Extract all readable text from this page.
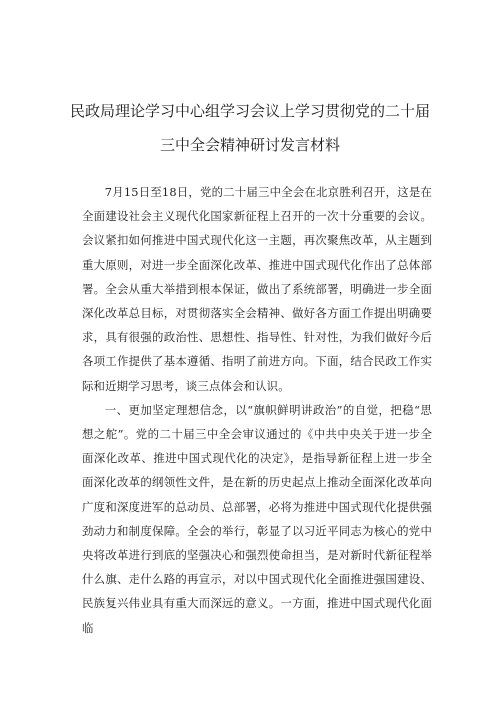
民政局理论学习中心组学习会议上学习贯彻党的二十届
三中全会精神研讨发言材料

7月15日至18日，党的二十届三中全会在北京胜利召开，这是在全面建设社会主义现代化国家新征程上召开的一次十分重要的会议。会议紧扣如何推进中国式现代化这一主题，再次聚焦改革，从主题到重大原则，对进一步全面深化改革、推进中国式现代化作出了总体部署。全会从重大举措到根本保证，做出了系统部署，明确进一步全面深化改革总目标，对贯彻落实全会精神、做好各方面工作提出明确要求，具有很强的政治性、思想性、指导性、针对性，为我们做好今后各项工作提供了基本遵循、指明了前进方向。下面，结合民政工作实际和近期学习思考，谈三点体会和认识。

一、更加坚定理想信念，以“旗帜鲜明讲政治”的自觉，把稳“思想之舵”。党的二十届三中全会审议通过的《中共中央关于进一步全面深化改革、推进中国式现代化的决定》，是指导新征程上进一步全面深化改革的纲领性文件，是在新的历史起点上推动全面深化改革向广度和深度进军的总动员、总部署，必将为推进中国式现代化提供强劲动力和制度保障。全会的举行，彰显了以习近平同志为核心的党中央将改革进行到底的坚强决心和强烈使命担当，是对新时代新征程举什么旗、走什么路的再宣示，对以中国式现代化全面推进强国建设、民族复兴伟业具有重大而深远的意义。一方面，推进中国式现代化面临
